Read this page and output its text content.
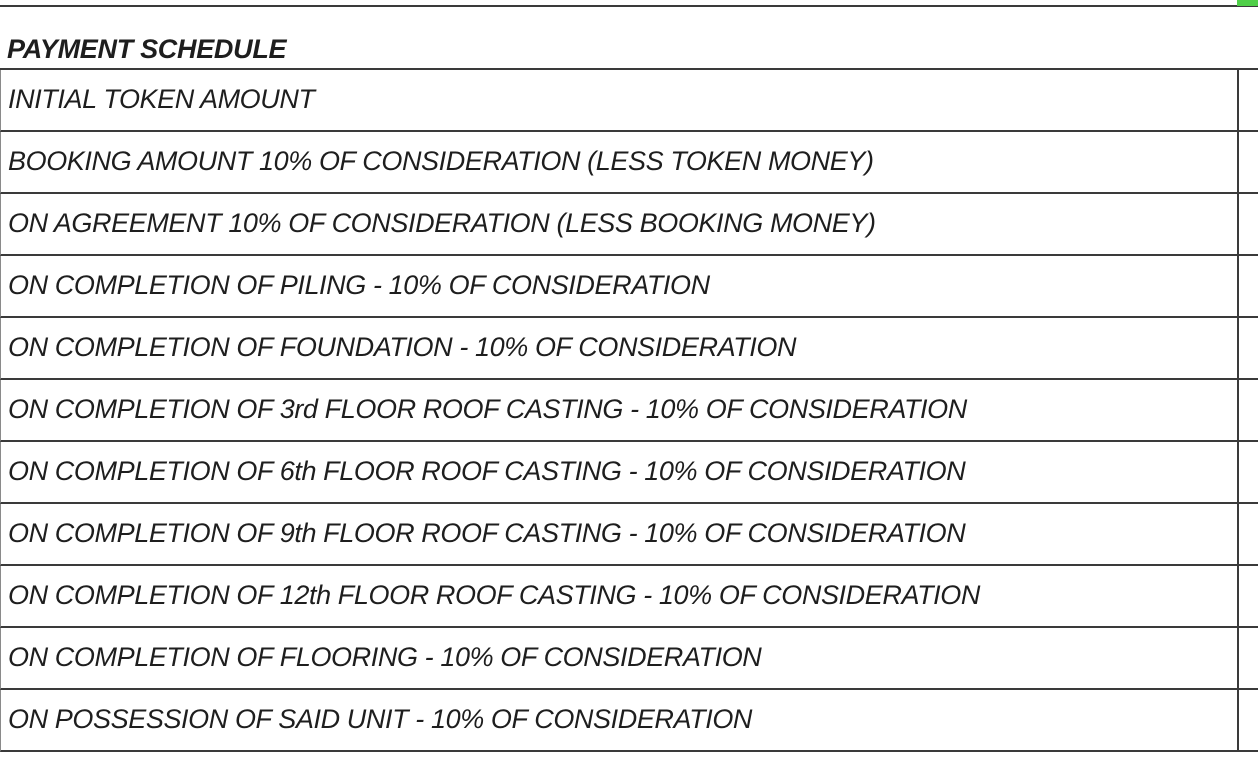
PAYMENT SCHEDULE
INITIAL TOKEN AMOUNT
BOOKING AMOUNT 10% OF CONSIDERATION (LESS TOKEN MONEY)
ON AGREEMENT 10% OF CONSIDERATION (LESS BOOKING MONEY)
ON COMPLETION OF PILING - 10% OF CONSIDERATION
ON COMPLETION OF FOUNDATION - 10% OF CONSIDERATION
ON COMPLETION OF 3rd FLOOR ROOF CASTING - 10% OF CONSIDERATION
ON COMPLETION OF 6th FLOOR ROOF CASTING - 10% OF CONSIDERATION
ON COMPLETION OF 9th FLOOR ROOF CASTING - 10% OF CONSIDERATION
ON COMPLETION OF 12th FLOOR ROOF CASTING - 10% OF CONSIDERATION
ON COMPLETION OF FLOORING - 10% OF CONSIDERATION
ON POSSESSION OF SAID UNIT - 10% OF CONSIDERATION
